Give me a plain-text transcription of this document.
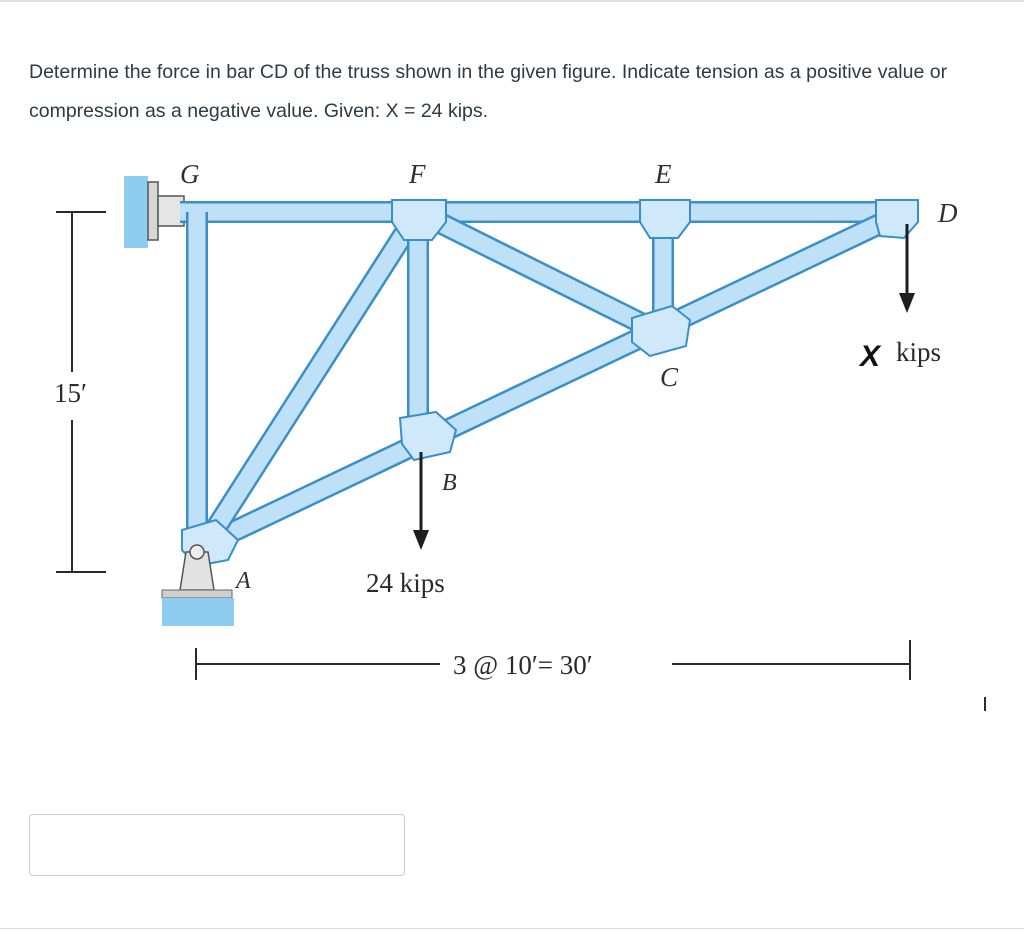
Determine the force in bar CD of the truss shown in the given figure. Indicate tension as a positive value or compression as a negative value. Given: X = 24 kips.

15′
3 @ 10′= 30′
24 kips
X kips
G	F	E
D
C
B
A
